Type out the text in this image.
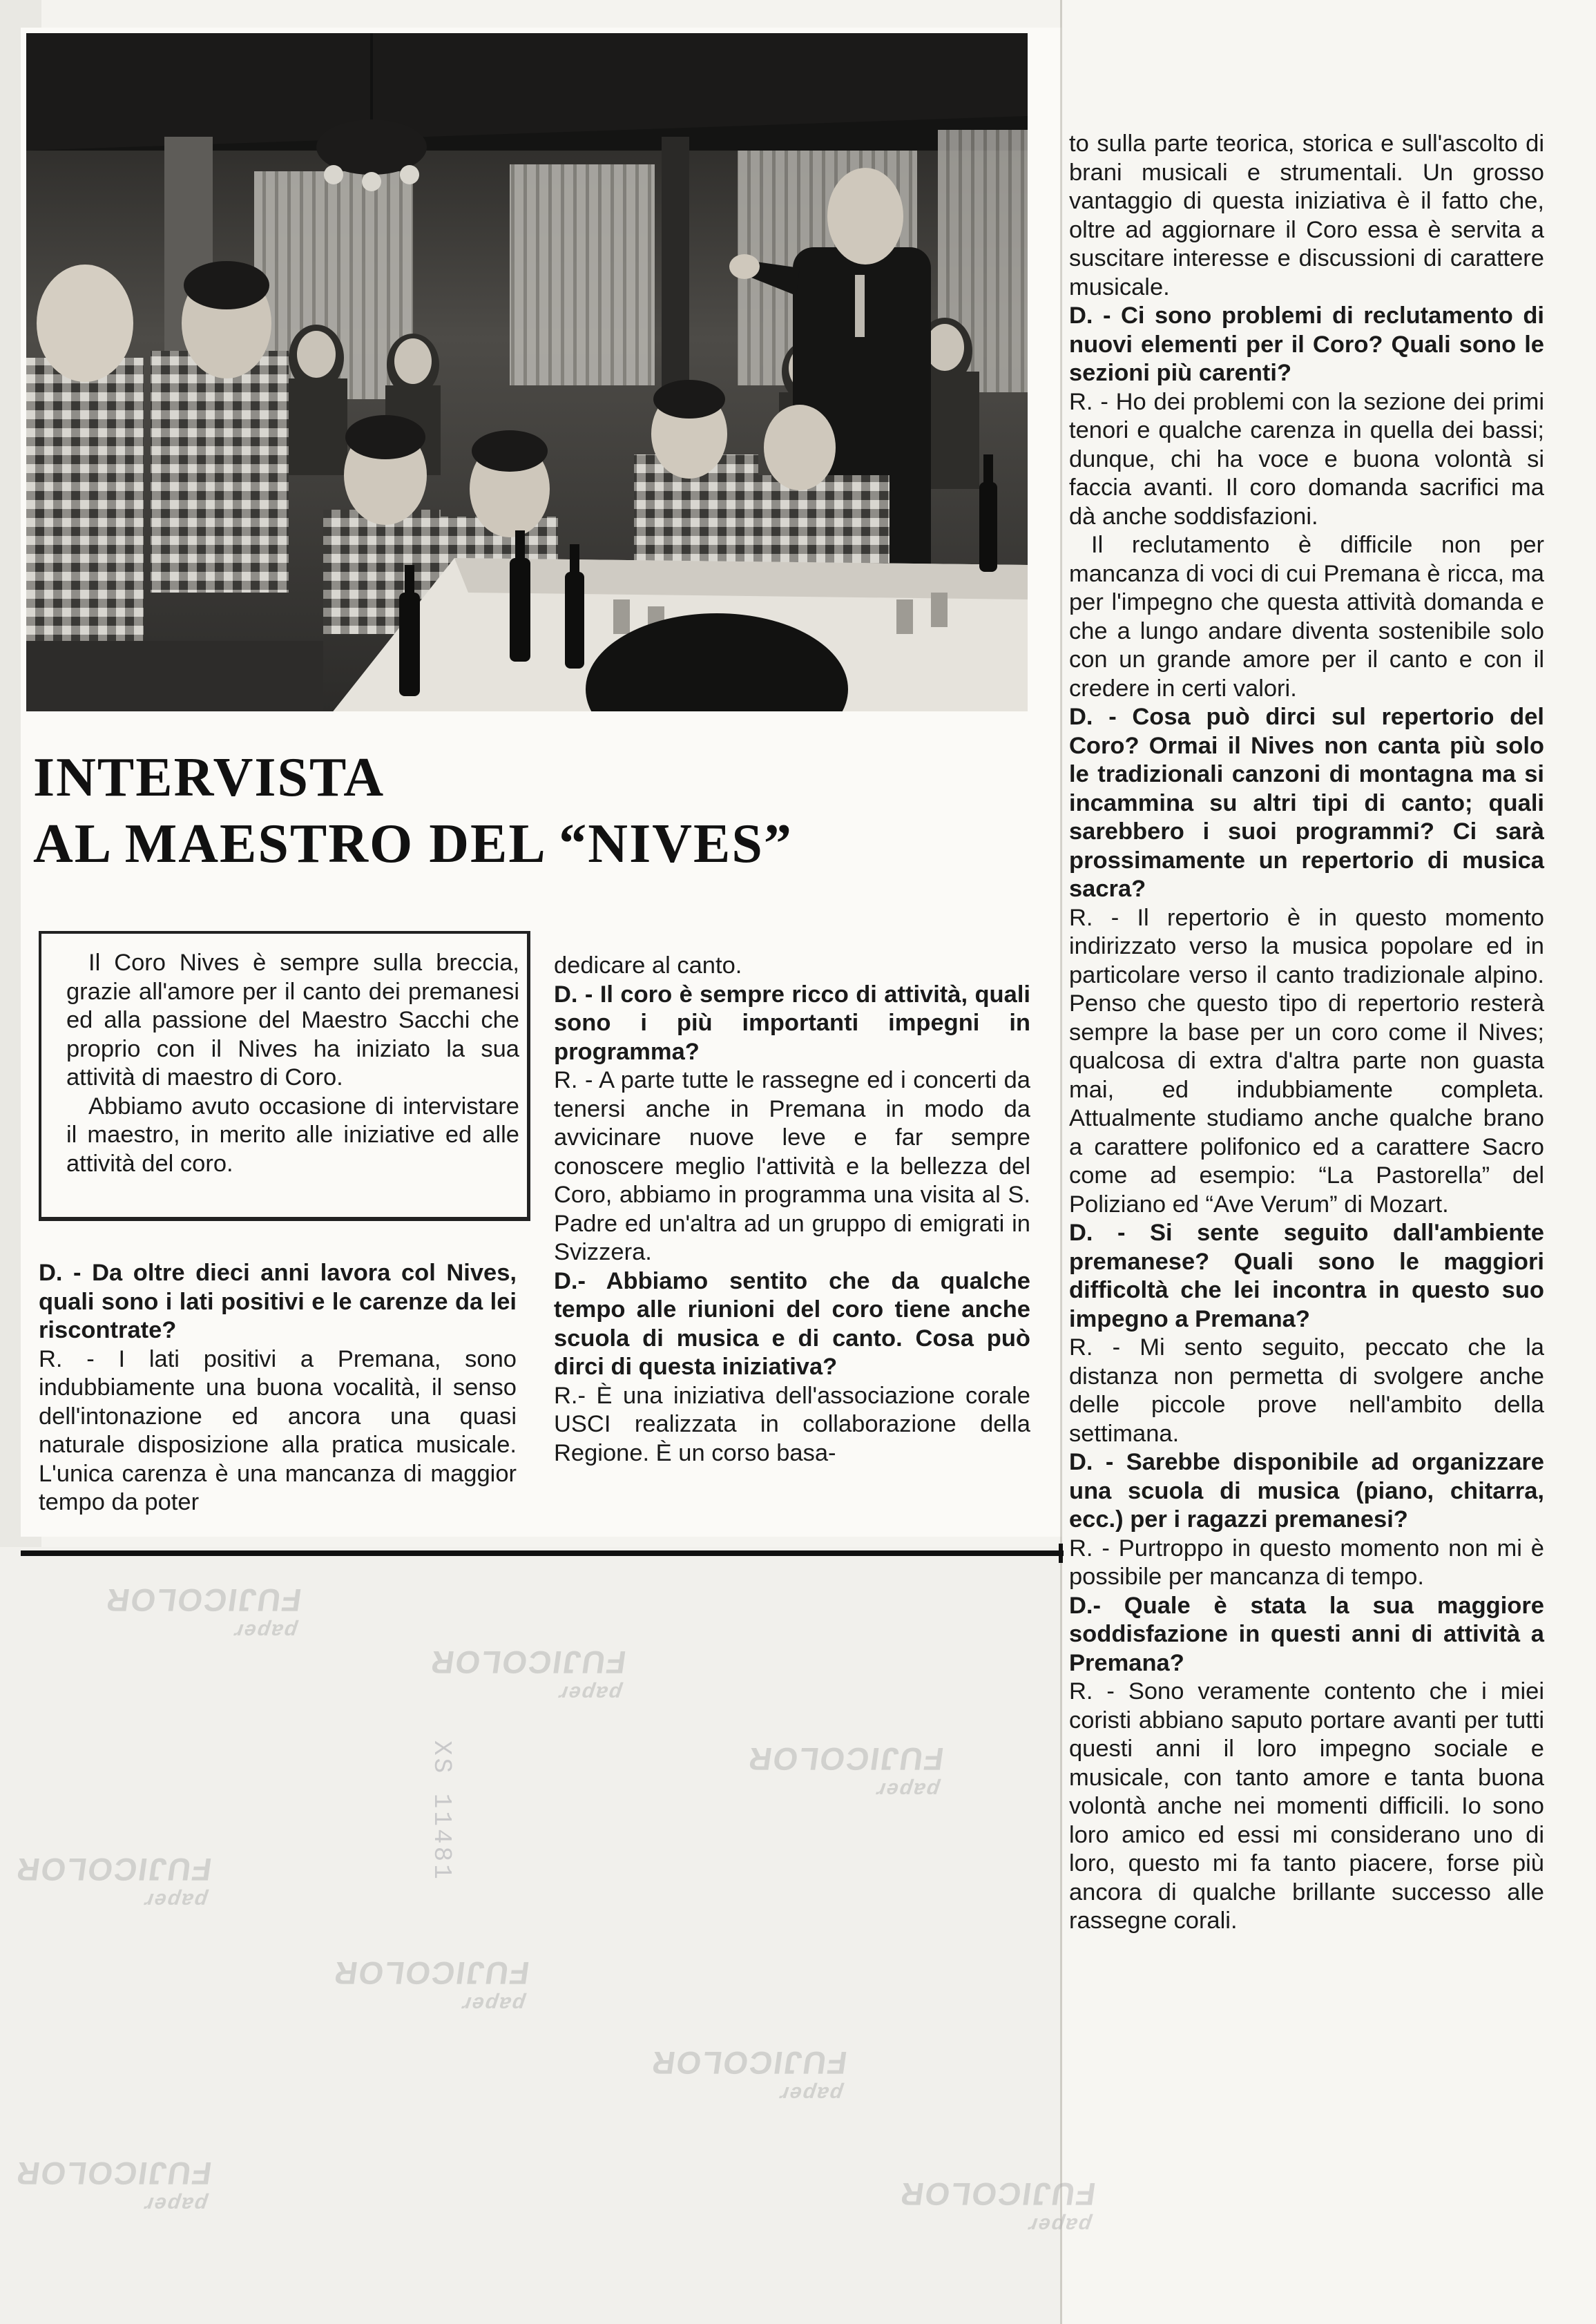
paper
FUJICOLOR
paper
FUJICOLOR
paper
FUJICOLOR
paper
FUJICOLOR
paper
FUJICOLOR
paper
FUJICOLOR
paper
FUJICOLOR
paper
FUJICOLOR
XS 11481
INTERVISTA
AL MAESTRO DEL “NIVES”

Il Coro Nives è sempre sulla breccia, grazie all'amore per il canto dei premanesi ed alla passione del Maestro Sacchi che proprio con il Nives ha iniziato la sua attività di maestro di Coro.

Abbiamo avuto occasione di intervistare il maestro, in merito alle iniziative ed alle attività del coro.

D. - Da oltre dieci anni lavora col Nives, quali sono i lati positivi e le carenze da lei riscontrate?

R. - I lati positivi a Premana, sono indubbiamente una buona vocalità, il senso dell'intonazione ed ancora una quasi naturale disposizione alla pratica musicale. L'unica carenza è una mancanza di maggior tempo da poter

dedicare al canto.

D. - Il coro è sempre ricco di attività, quali sono i più importanti impegni in programma?

R. - A parte tutte le rassegne ed i concerti da tenersi anche in Premana in modo da avvicinare nuove leve e far sempre conoscere meglio l'attività e la bellezza del Coro, abbiamo in programma una visita al S. Padre ed un'altra ad un gruppo di emigrati in Svizzera.

D.- Abbiamo sentito che da qualche tempo alle riunioni del coro tiene anche scuola di musica e di canto. Cosa può dirci di questa iniziativa?

R.- È una iniziativa dell'associazione corale USCI realizzata in collaborazione della Regione. È un corso basa-

to sulla parte teorica, storica e sull'ascolto di brani musicali e strumentali. Un grosso vantaggio di questa iniziativa è il fatto che, oltre ad aggiornare il Coro essa è servita a suscitare interesse e discussioni di carattere musicale.

D. - Ci sono problemi di reclutamento di nuovi elementi per il Coro? Quali sono le sezioni più carenti?

R. - Ho dei problemi con la sezione dei primi tenori e qualche carenza in quella dei bassi; dunque, chi ha voce e buona volontà si faccia avanti. Il coro domanda sacrifici ma dà anche soddisfazioni.

Il reclutamento è difficile non per mancanza di voci di cui Premana è ricca, ma per l'impegno che questa attività domanda e che a lungo andare diventa sostenibile solo con un grande amore per il canto e con il credere in certi valori.

D. - Cosa può dirci sul repertorio del Coro? Ormai il Nives non canta più solo le tradizionali canzoni di montagna ma si incammina su altri tipi di canto; quali sarebbero i suoi programmi? Ci sarà prossimamente un repertorio di musica sacra?

R. - Il repertorio è in questo momento indirizzato verso la musica popolare ed in particolare verso il canto tradizionale alpino. Penso che questo tipo di repertorio resterà sempre la base per un coro come il Nives; qualcosa di extra d'altra parte non guasta mai, ed indubbiamente completa. Attualmente studiamo anche qualche brano a carattere polifonico ed a carattere Sacro come ad esempio: “La Pastorella” del Poliziano ed “Ave Verum” di Mozart.

D. - Si sente seguito dall'ambiente premanese? Quali sono le maggiori difficoltà che lei incontra in questo suo impegno a Premana?

R. - Mi sento seguito, peccato che la distanza non permetta di svolgere anche delle piccole prove nell'ambito della settimana.

D. - Sarebbe disponibile ad organizzare una scuola di musica (piano, chitarra, ecc.) per i ragazzi premanesi?

R. - Purtroppo in questo momento non mi è possibile per mancanza di tempo.

D.- Quale è stata la sua maggiore soddisfazione in questi anni di attività a Premana?

R. - Sono veramente contento che i miei coristi abbiano saputo portare avanti per tutti questi anni il loro impegno sociale e musicale, con tanto amore e tanta buona volontà anche nei momenti difficili. Io sono loro amico ed essi mi considerano uno di loro, questo mi fa tanto piacere, forse più ancora di qualche brillante successo alle rassegne corali.
